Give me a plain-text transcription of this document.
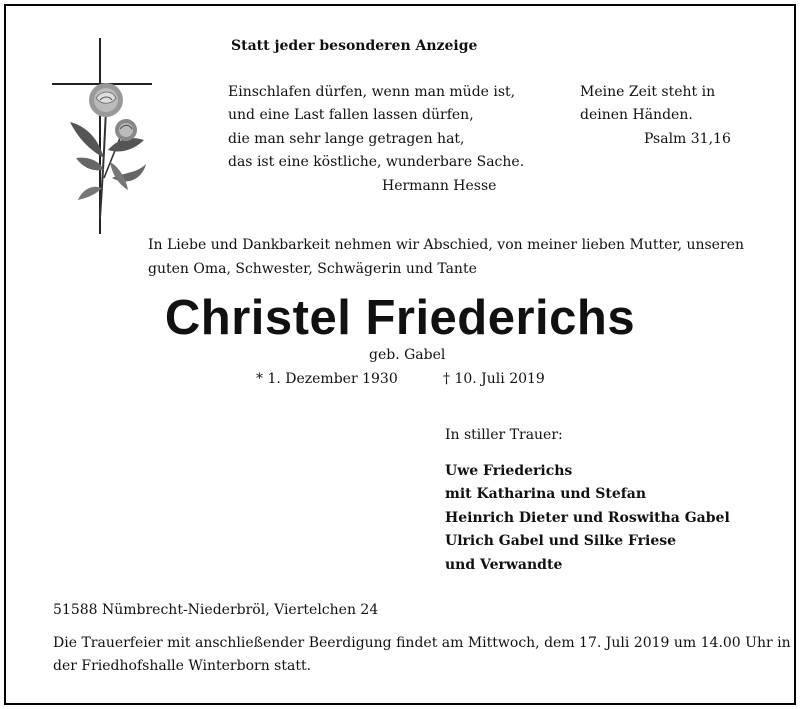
Statt jeder besonderen Anzeige

Einschlafen dürfen, wenn man müde ist,
und eine Last fallen lassen dürfen,
die man sehr lange getragen hat,
das ist eine köstliche, wunderbare Sache.
Hermann Hesse
Meine Zeit steht in
deinen Händen.
Psalm 31,16
In Liebe und Dankbarkeit nehmen wir Abschied, von meiner lieben Mutter, unseren
guten Oma, Schwester, Schwägerin und Tante

Christel Friederichs

geb. Gabel

* 1. Dezember 1930	† 10. Juli 2019

In stiller Trauer:

Uwe Friederichs
mit Katharina und Stefan
Heinrich Dieter und Roswitha Gabel
Ulrich Gabel und Silke Friese
und Verwandte

51588 Nümbrecht-Niederbröl, Viertelchen 24

Die Trauerfeier mit anschließender Beerdigung findet am Mittwoch, dem 17. Juli 2019 um 14.00 Uhr in
der Friedhofshalle Winterborn statt.
